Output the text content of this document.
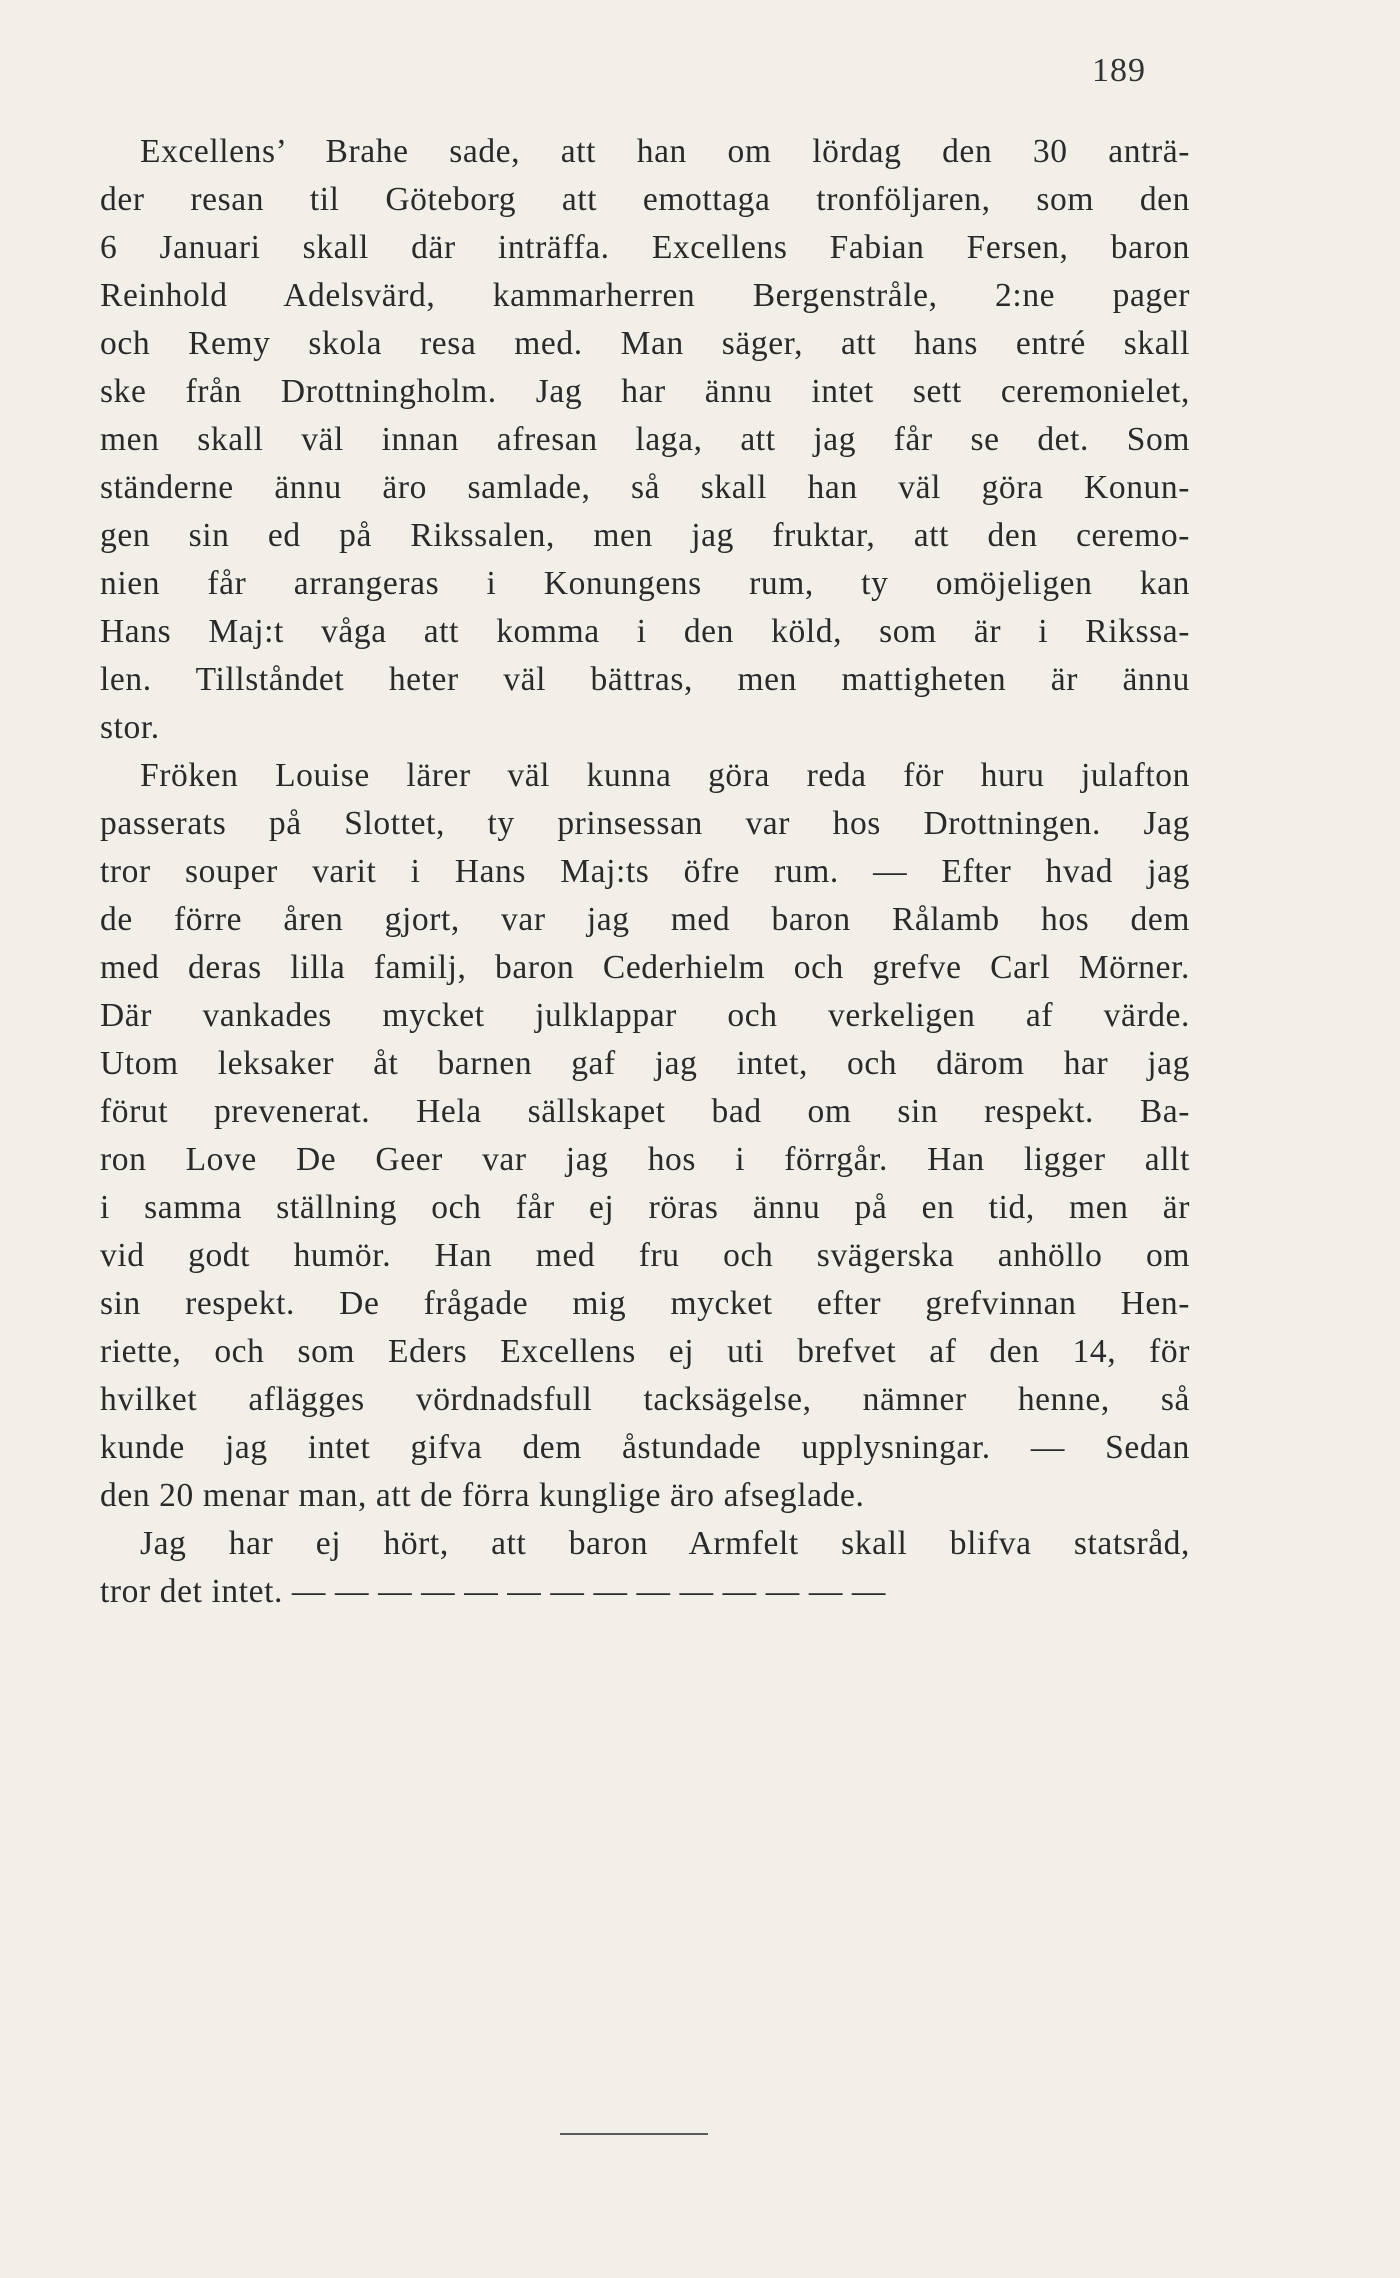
189
Excellens’ Brahe sade, att han om lördag den 30 anträ-
der resan til Göteborg att emottaga tronföljaren, som den
6 Januari skall där inträffa. Excellens Fabian Fersen, baron
Reinhold Adelsvärd, kammarherren Bergenstråle, 2:ne pager
och Remy skola resa med. Man säger, att hans entré skall
ske från Drottningholm. Jag har ännu intet sett ceremonielet,
men skall väl innan afresan laga, att jag får se det. Som
ständerne ännu äro samlade, så skall han väl göra Konun-
gen sin ed på Rikssalen, men jag fruktar, att den ceremo-
nien får arrangeras i Konungens rum, ty omöjeligen kan
Hans Maj:t våga att komma i den köld, som är i Rikssa-
len. Tillståndet heter väl bättras, men mattigheten är ännu
stor.
Fröken Louise lärer väl kunna göra reda för huru julafton
passerats på Slottet, ty prinsessan var hos Drottningen. Jag
tror souper varit i Hans Maj:ts öfre rum. — Efter hvad jag
de förre åren gjort, var jag med baron Rålamb hos dem
med deras lilla familj, baron Cederhielm och grefve Carl Mörner.
Där vankades mycket julklappar och verkeligen af värde.
Utom leksaker åt barnen gaf jag intet, och därom har jag
förut prevenerat. Hela sällskapet bad om sin respekt. Ba-
ron Love De Geer var jag hos i förrgår. Han ligger allt
i samma ställning och får ej röras ännu på en tid, men är
vid godt humör. Han med fru och svägerska anhöllo om
sin respekt. De frågade mig mycket efter grefvinnan Hen-
riette, och som Eders Excellens ej uti brefvet af den 14, för
hvilket aflägges vördnadsfull tacksägelse, nämner henne, så
kunde jag intet gifva dem åstundade upplysningar. — Sedan
den 20 menar man, att de förra kunglige äro afseglade.
Jag har ej hört, att baron Armfelt skall blifva statsråd,
tror det intet. — — — — — — — — — — — — — —
